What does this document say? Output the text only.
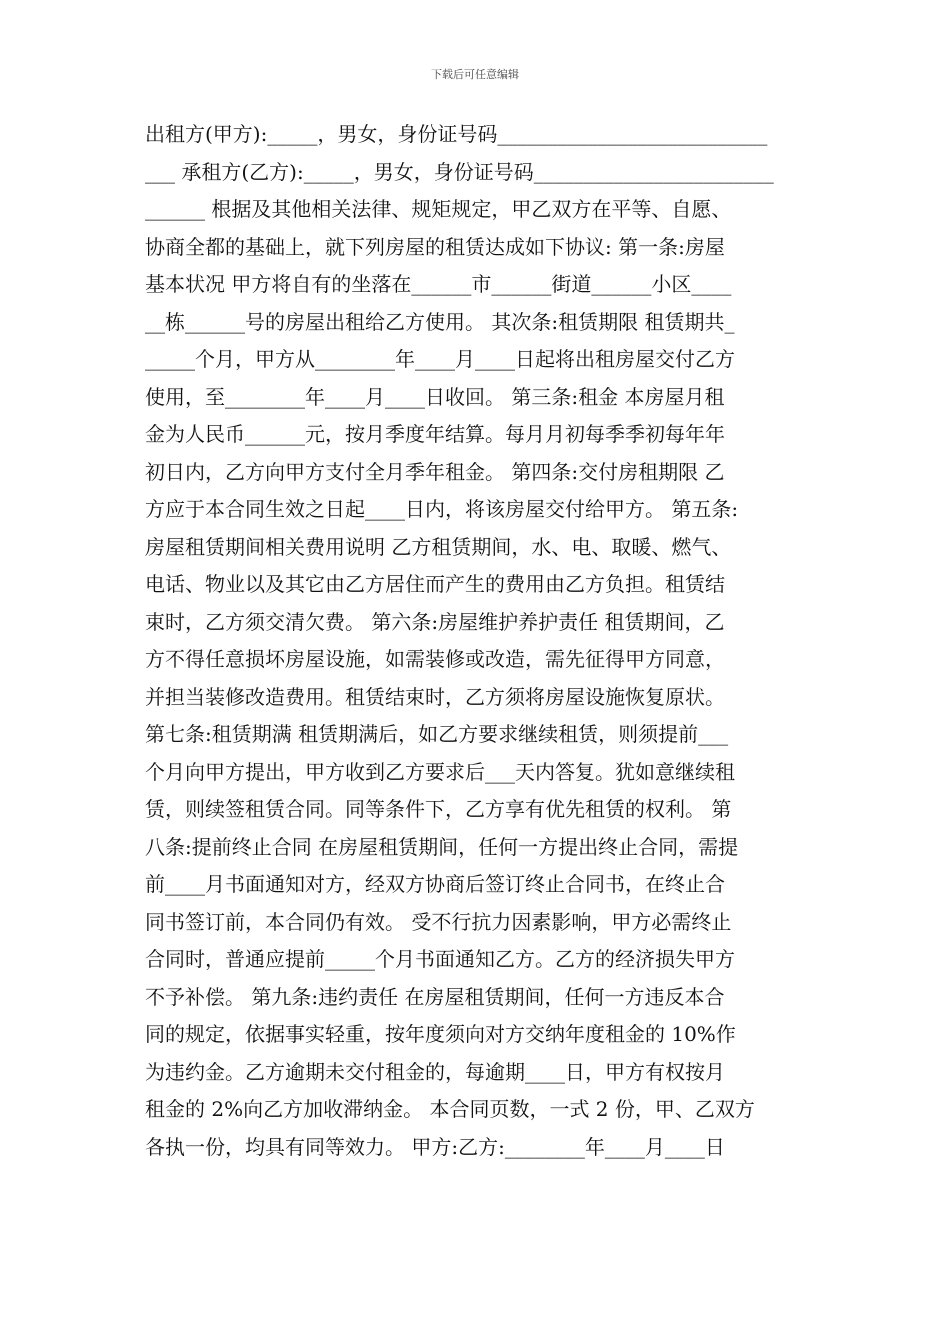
下载后可任意编辑
出租方(甲方):_____，男女，身份证号码___________________________
___ 承租方(乙方):_____，男女，身份证号码________________________
______ 根据及其他相关法律、规矩规定，甲乙双方在平等、自愿、
协商全都的基础上，就下列房屋的租赁达成如下协议: 第一条:房屋
基本状况 甲方将自有的坐落在______市______街道______小区____
__栋______号的房屋出租给乙方使用。 其次条:租赁期限 租赁期共_
_____个月，甲方从________年____月____日起将出租房屋交付乙方
使用，至________年____月____日收回。 第三条:租金 本房屋月租
金为人民币______元，按月季度年结算。每月月初每季季初每年年
初日内，乙方向甲方支付全月季年租金。 第四条:交付房租期限 乙
方应于本合同生效之日起____日内，将该房屋交付给甲方。 第五条:
房屋租赁期间相关费用说明 乙方租赁期间，水、电、取暖、燃气、
电话、物业以及其它由乙方居住而产生的费用由乙方负担。租赁结
束时，乙方须交清欠费。 第六条:房屋维护养护责任 租赁期间，乙
方不得任意损坏房屋设施，如需装修或改造，需先征得甲方同意，
并担当装修改造费用。租赁结束时，乙方须将房屋设施恢复原状。
第七条:租赁期满 租赁期满后，如乙方要求继续租赁，则须提前___
个月向甲方提出，甲方收到乙方要求后___天内答复。犹如意继续租
赁，则续签租赁合同。同等条件下，乙方享有优先租赁的权利。 第
八条:提前终止合同 在房屋租赁期间，任何一方提出终止合同，需提
前____月书面通知对方，经双方协商后签订终止合同书，在终止合
同书签订前，本合同仍有效。 受不行抗力因素影响，甲方必需终止
合同时，普通应提前_____个月书面通知乙方。乙方的经济损失甲方
不予补偿。 第九条:违约责任 在房屋租赁期间，任何一方违反本合
同的规定，依据事实轻重，按年度须向对方交纳年度租金的 10%作
为违约金。乙方逾期未交付租金的，每逾期____日，甲方有权按月
租金的 2%向乙方加收滞纳金。 本合同页数，一式 2 份，甲、乙双方
各执一份，均具有同等效力。 甲方:乙方:________年____月____日
